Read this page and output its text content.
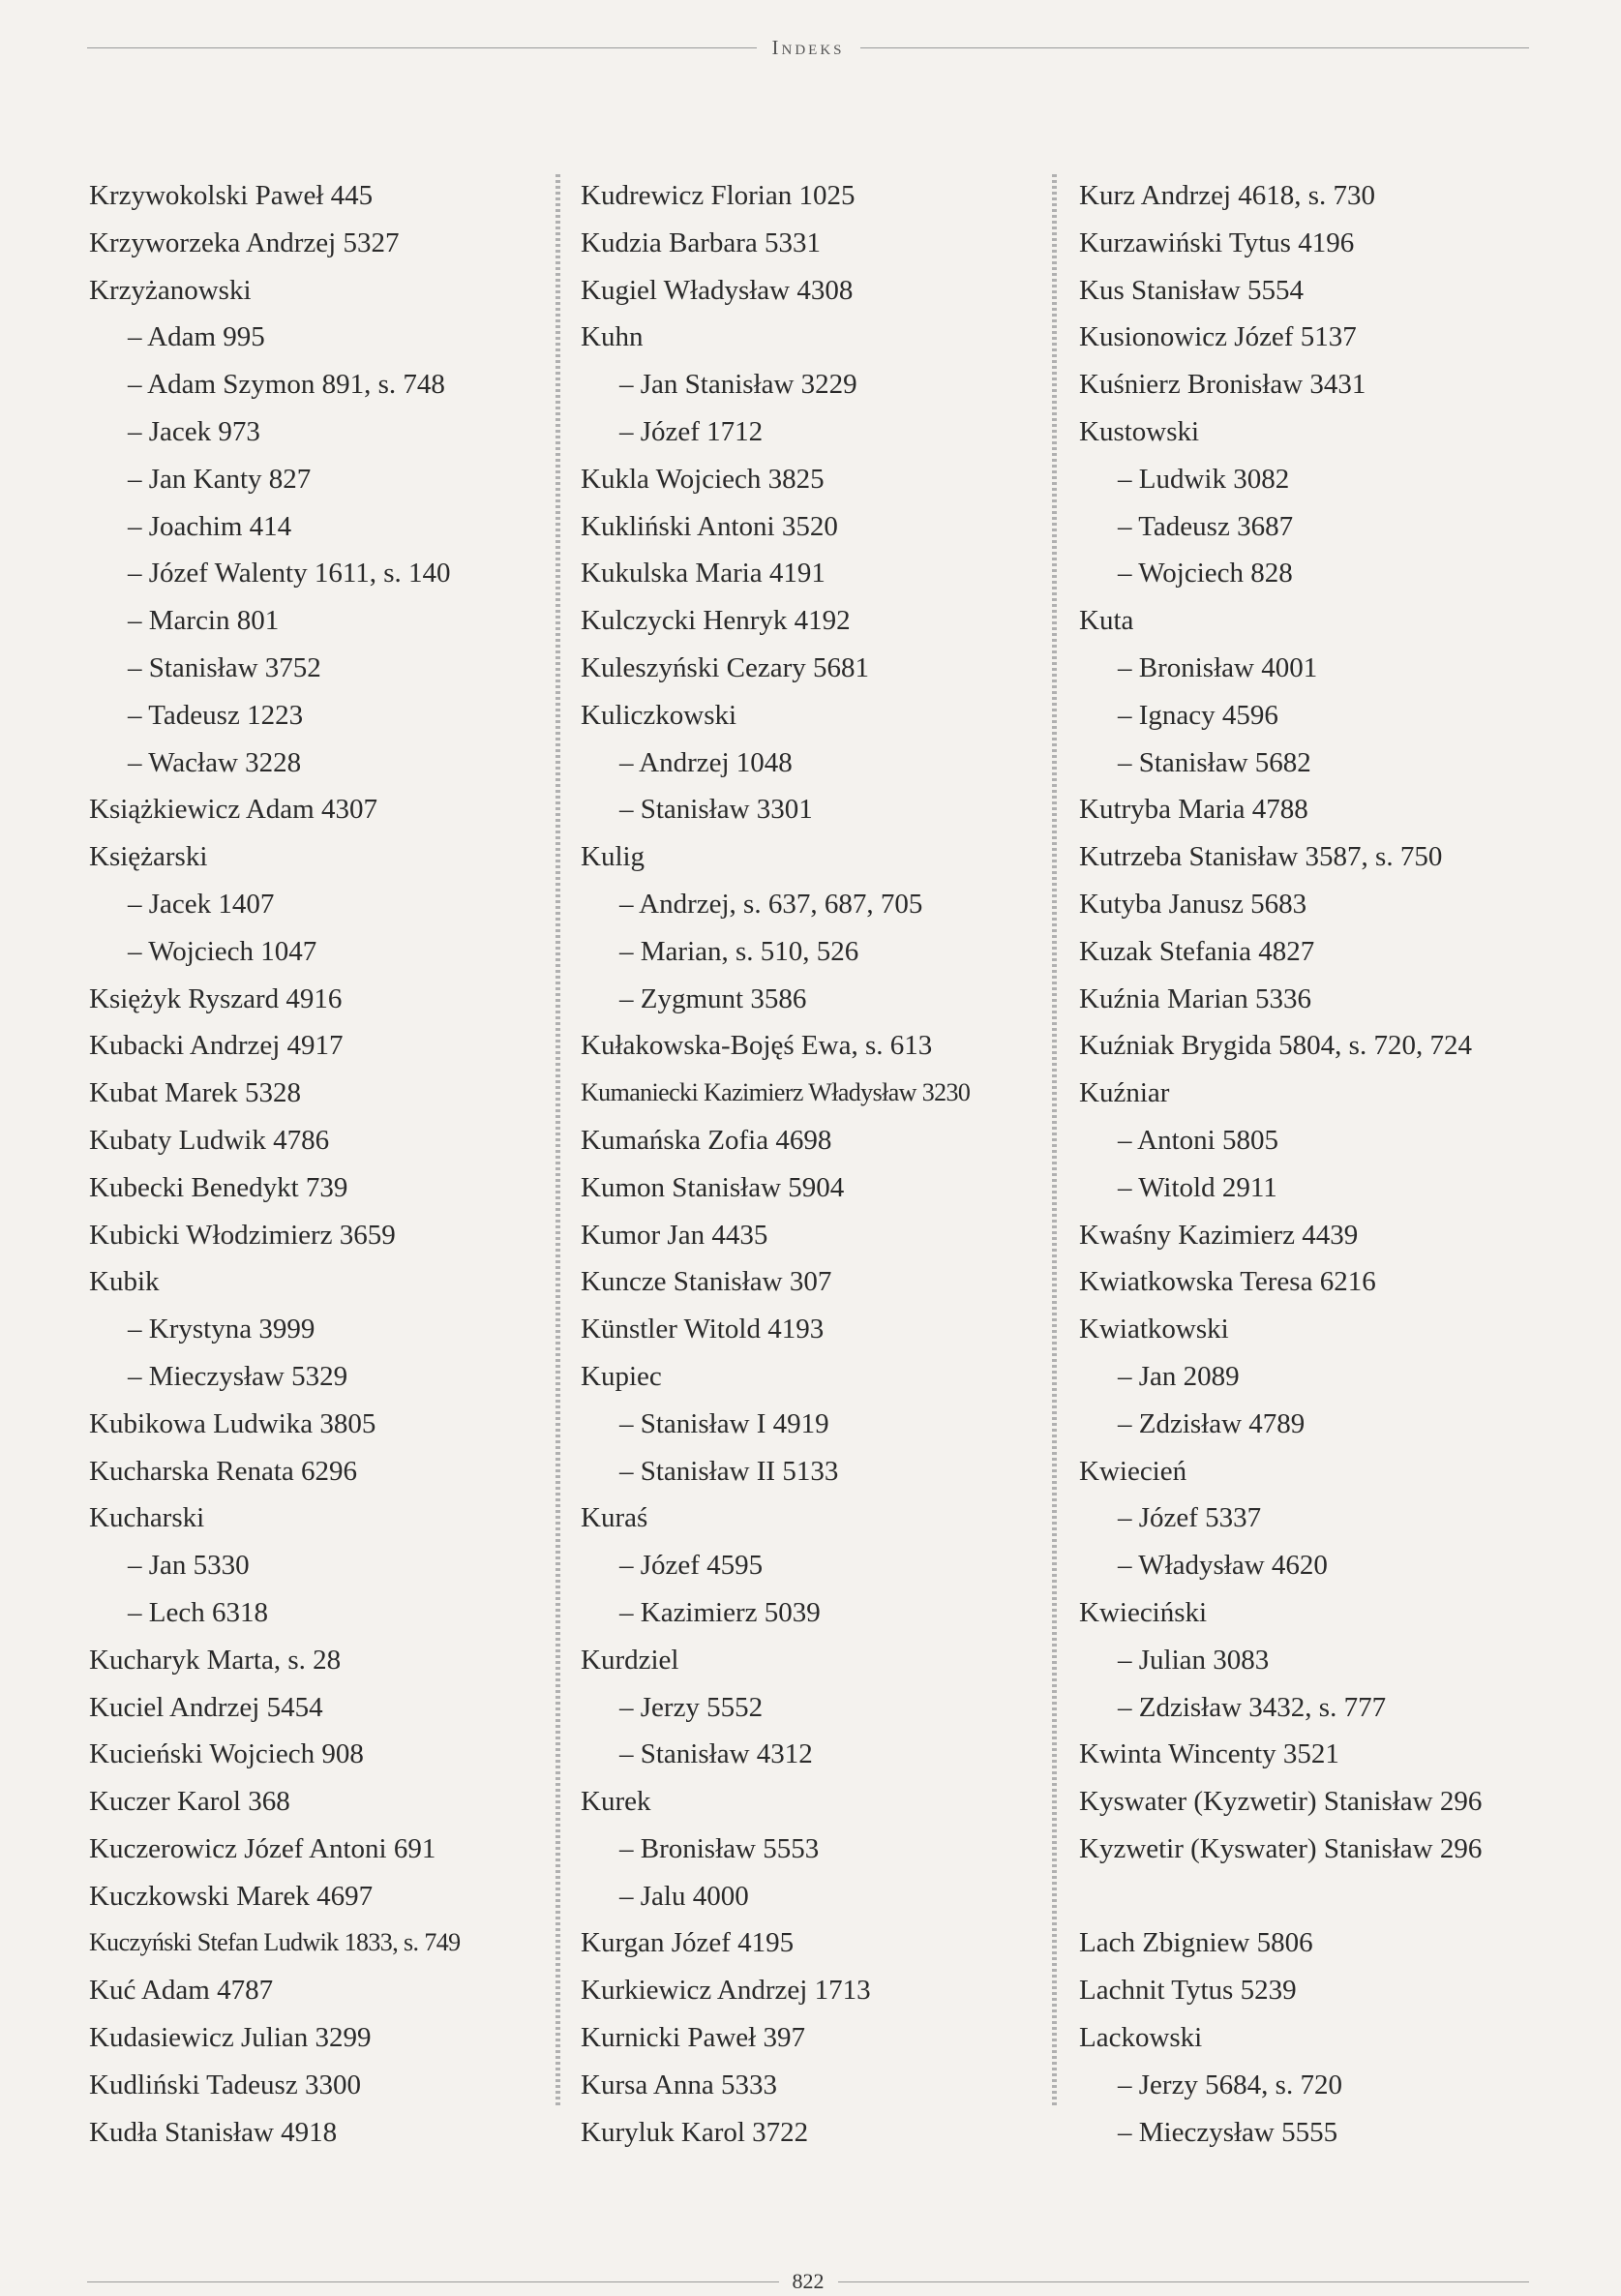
Indeks
Krzywokolski Paweł 445
Krzyworzeka Andrzej 5327
Krzyżanowski
– Adam 995
– Adam Szymon 891, s. 748
– Jacek 973
– Jan Kanty 827
– Joachim 414
– Józef Walenty 1611, s. 140
– Marcin 801
– Stanisław 3752
– Tadeusz 1223
– Wacław 3228
Książkiewicz Adam 4307
Księżarski
– Jacek 1407
– Wojciech 1047
Księżyk Ryszard 4916
Kubacki Andrzej 4917
Kubat Marek 5328
Kubaty Ludwik 4786
Kubecki Benedykt 739
Kubicki Włodzimierz 3659
Kubik
– Krystyna 3999
– Mieczysław 5329
Kubikowa Ludwika 3805
Kucharska Renata 6296
Kucharski
– Jan 5330
– Lech 6318
Kucharyk Marta, s. 28
Kuciel Andrzej 5454
Kucieński Wojciech 908
Kuczer Karol 368
Kuczerowicz Józef Antoni 691
Kuczkowski Marek 4697
Kuczyński Stefan Ludwik 1833, s. 749
Kuć Adam 4787
Kudasiewicz Julian 3299
Kudliński Tadeusz 3300
Kudła Stanisław 4918
Kudrewicz Florian 1025
Kudzia Barbara 5331
Kugiel Władysław 4308
Kuhn
– Jan Stanisław 3229
– Józef 1712
Kukla Wojciech 3825
Kukliński Antoni 3520
Kukulska Maria 4191
Kulczycki Henryk 4192
Kuleszyński Cezary 5681
Kuliczkowski
– Andrzej 1048
– Stanisław 3301
Kulig
– Andrzej, s. 637, 687, 705
– Marian, s. 510, 526
– Zygmunt 3586
Kułakowska-Bojęś Ewa, s. 613
Kumaniecki Kazimierz Władysław 3230
Kumańska Zofia 4698
Kumon Stanisław 5904
Kumor Jan 4435
Kuncze Stanisław 307
Künstler Witold 4193
Kupiec
– Stanisław I 4919
– Stanisław II 5133
Kuraś
– Józef 4595
– Kazimierz 5039
Kurdziel
– Jerzy 5552
– Stanisław 4312
Kurek
– Bronisław 5553
– Jalu 4000
Kurgan Józef 4195
Kurkiewicz Andrzej 1713
Kurnicki Paweł 397
Kursa Anna 5333
Kuryluk Karol 3722
Kurz Andrzej 4618, s. 730
Kurzawiński Tytus 4196
Kus Stanisław 5554
Kusionowicz Józef 5137
Kuśnierz Bronisław 3431
Kustowski
– Ludwik 3082
– Tadeusz 3687
– Wojciech 828
Kuta
– Bronisław 4001
– Ignacy 4596
– Stanisław 5682
Kutryba Maria 4788
Kutrzeba Stanisław 3587, s. 750
Kutyba Janusz 5683
Kuzak Stefania 4827
Kuźnia Marian 5336
Kuźniak Brygida 5804, s. 720, 724
Kuźniar
– Antoni 5805
– Witold 2911
Kwaśny Kazimierz 4439
Kwiatkowska Teresa 6216
Kwiatkowski
– Jan 2089
– Zdzisław 4789
Kwiecień
– Józef 5337
– Władysław 4620
Kwieciński
– Julian 3083
– Zdzisław 3432, s. 777
Kwinta Wincenty 3521
Kyswater (Kyzwetir) Stanisław 296
Kyzwetir (Kyswater) Stanisław 296
Lach Zbigniew 5806
Lachnit Tytus 5239
Lackowski
– Jerzy 5684, s. 720
– Mieczysław 5555
822
